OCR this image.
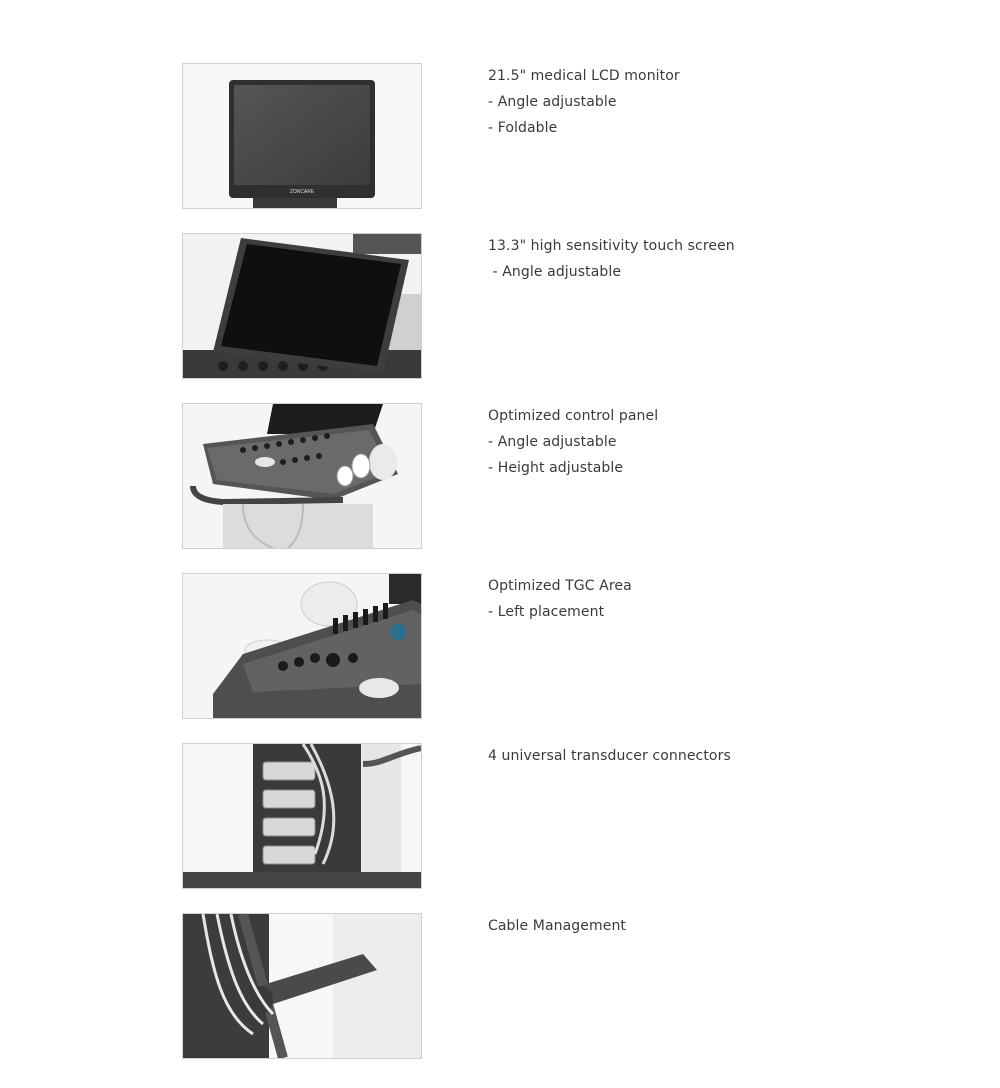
ZONCARE
21.5" medical LCD monitor
- Angle adjustable
- Foldable
13.3" high sensitivity touch screen
- Angle adjustable
Optimized control panel
- Angle adjustable
- Height adjustable
Optimized TGC Area
- Left placement
4 universal transducer connectors
Cable Management
